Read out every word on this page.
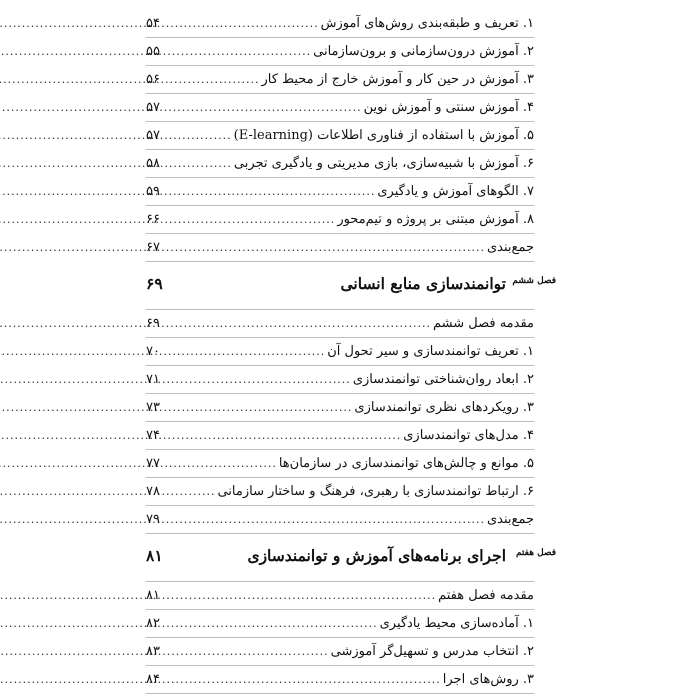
۱. تعریف و طبقه‌بندی روش‌های آموزش
.....
۵۴
۲. آموزش درون‌سازمانی و برون‌سازمانی
.....
۵۵
۳. آموزش در حین کار و آموزش خارج از محیط کار
.....
۵۶
۴. آموزش سنتی و آموزش نوین
.....
۵۷
۵. آموزش با استفاده از فناوری اطلاعات (E-learning)
.....
۵۷
۶. آموزش با شبیه‌سازی، بازی مدیریتی و یادگیری تجربی
.....
۵۸
۷. الگوهای آموزش و یادگیری
.....
۵۹
۸. آموزش مبتنی بر پروژه و تیم‌محور
.....
۶۶
جمع‌بندی
.....
۶۷
فصل ششم
توانمندسازی منابع انسانی
۶۹
مقدمه فصل ششم
.....
۶۹
۱. تعریف توانمندسازی و سیر تحول آن
.....
۷۰
۲. ابعاد روان‌شناختی توانمندسازی
.....
۷۱
۳. رویکردهای نظری توانمندسازی
.....
۷۳
۴. مدل‌های توانمندسازی
.....
۷۴
۵. موانع و چالش‌های توانمندسازی در سازمان‌ها
.....
۷۷
۶. ارتباط توانمندسازی با رهبری، فرهنگ و ساختار سازمانی
.....
۷۸
جمع‌بندی
.....
۷۹
فصل هفتم
اجرای برنامه‌های آموزش و توانمندسازی
۸۱
مقدمه فصل هفتم
.....
۸۱
۱. آماده‌سازی محیط یادگیری
.....
۸۲
۲. انتخاب مدرس و تسهیل‌گر آموزشی
.....
۸۳
۳. روش‌های اجرا
.....
۸۴
